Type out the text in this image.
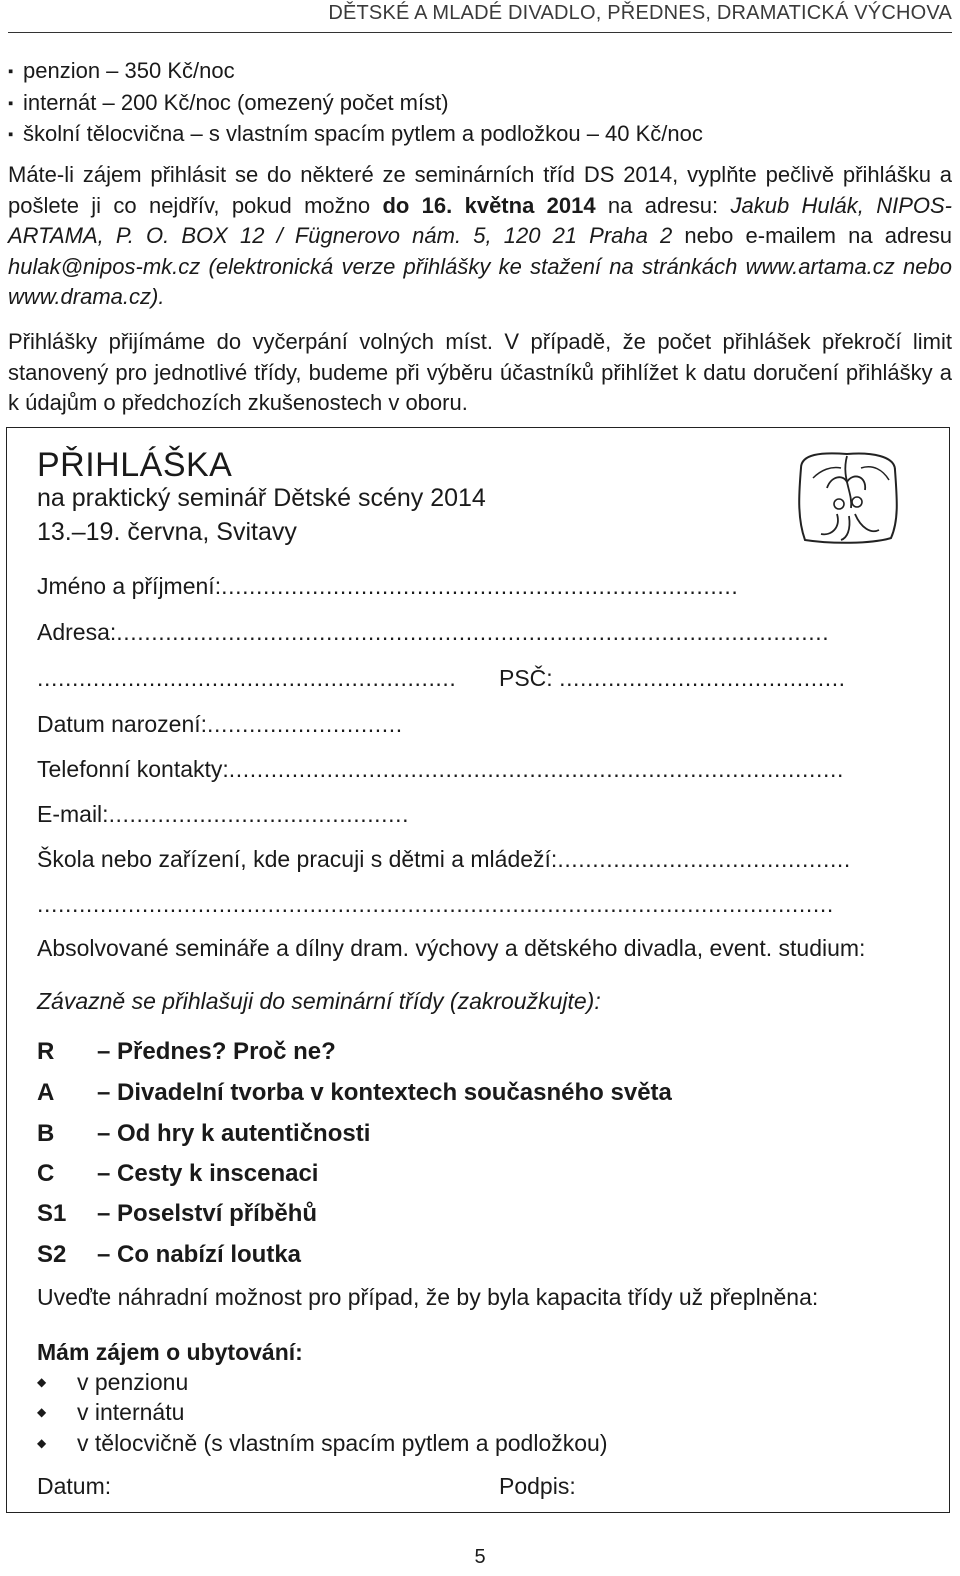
DĚTSKÉ A MLADÉ DIVADLO, PŘEDNES, DRAMATICKÁ VÝCHOVA
▪ penzion – 350 Kč/noc
▪ internát – 200 Kč/noc (omezený počet míst)
▪ školní tělocvična – s vlastním spacím pytlem a podložkou – 40 Kč/noc
Máte-li zájem přihlásit se do některé ze seminárních tříd DS 2014, vyplňte pečlivě přihlášku a pošlete ji co nejdřív, pokud možno do 16. května 2014 na adresu: Jakub Hulák, NIPOS-ARTAMA, P. O. BOX 12 / Fügnerovo nám. 5, 120 21 Praha 2 nebo e-mailem na adresu hulak@nipos-mk.cz (elektronická verze přihlášky ke stažení na stránkách www.artama.cz nebo www.drama.cz).
Přihlášky přijímáme do vyčerpání volných míst. V případě, že počet přihlášek překročí limit stanovený pro jednotlivé třídy, budeme při výběru účastníků přihlížet k datu doručení přihlášky a k údajům o předchozích zkušenostech v oboru.
PŘIHLÁŠKA
na praktický seminář Dětské scény 2014
13.–19. června, Svitavy
Jméno a příjmení:..........................................................................
Adresa:......................................................................................................
............................................................ PSČ: .........................................
Datum narození:............................
Telefonní kontakty:........................................................................................
E-mail:...........................................
Škola nebo zařízení, kde pracuji s dětmi a mládeží:..........................................
..................................................................................................................
Absolvované semináře a dílny dram. výchovy a dětského divadla, event. studium:
Závazně se přihlašuji do seminární třídy (zakroužkujte):
R – Přednes? Proč ne?
A – Divadelní tvorba v kontextech současného světa
B – Od hry k autentičnosti
C – Cesty k inscenaci
S1 – Poselství příběhů
S2 – Co nabízí loutka
Uveďte náhradní možnost pro případ, že by byla kapacita třídy už přeplněna:
Mám zájem o ubytování:
◆ v penzionu
◆ v internátu
◆ v tělocvičně (s vlastním spacím pytlem a podložkou)
Datum:	Podpis:
5
